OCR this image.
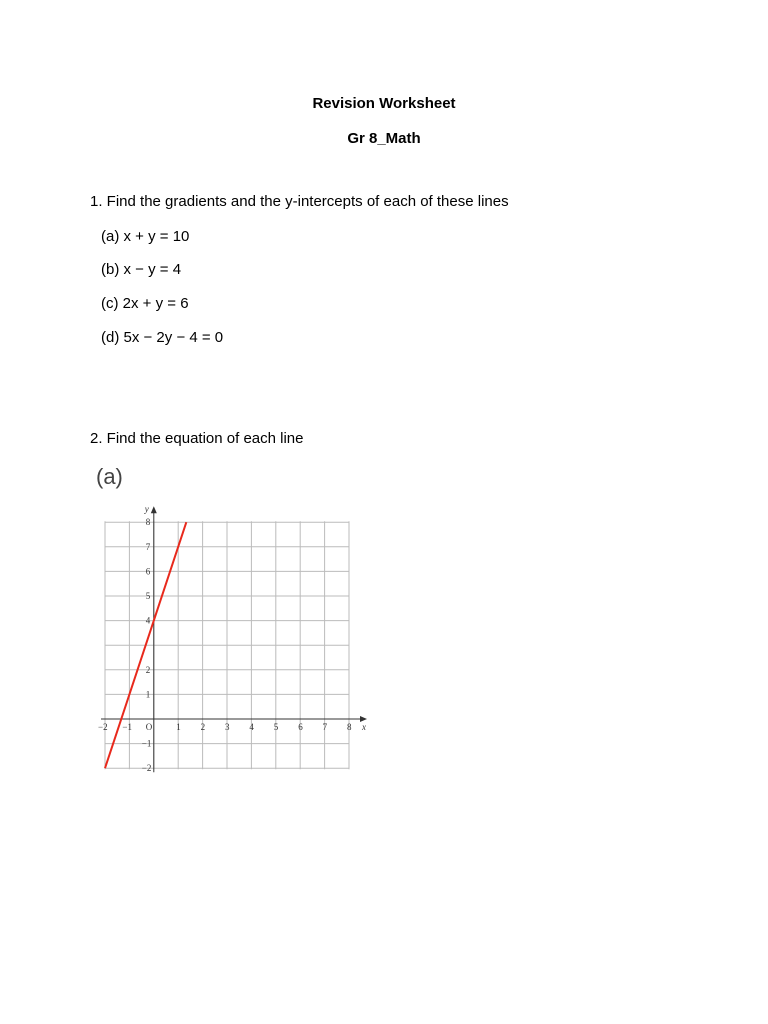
Revision Worksheet
Gr 8_Math
1. Find the gradients and the y-intercepts of each of these lines
(a) x + y = 10
(b) x − y = 4
(c) 2x + y = 6
(d) 5x − 2y − 4 = 0
2. Find the equation of each line
(a)
−2 −1	1 2 3 4 5 6 7 8 x
O
8
7
6
5
4
2
1
−1
−2
y
